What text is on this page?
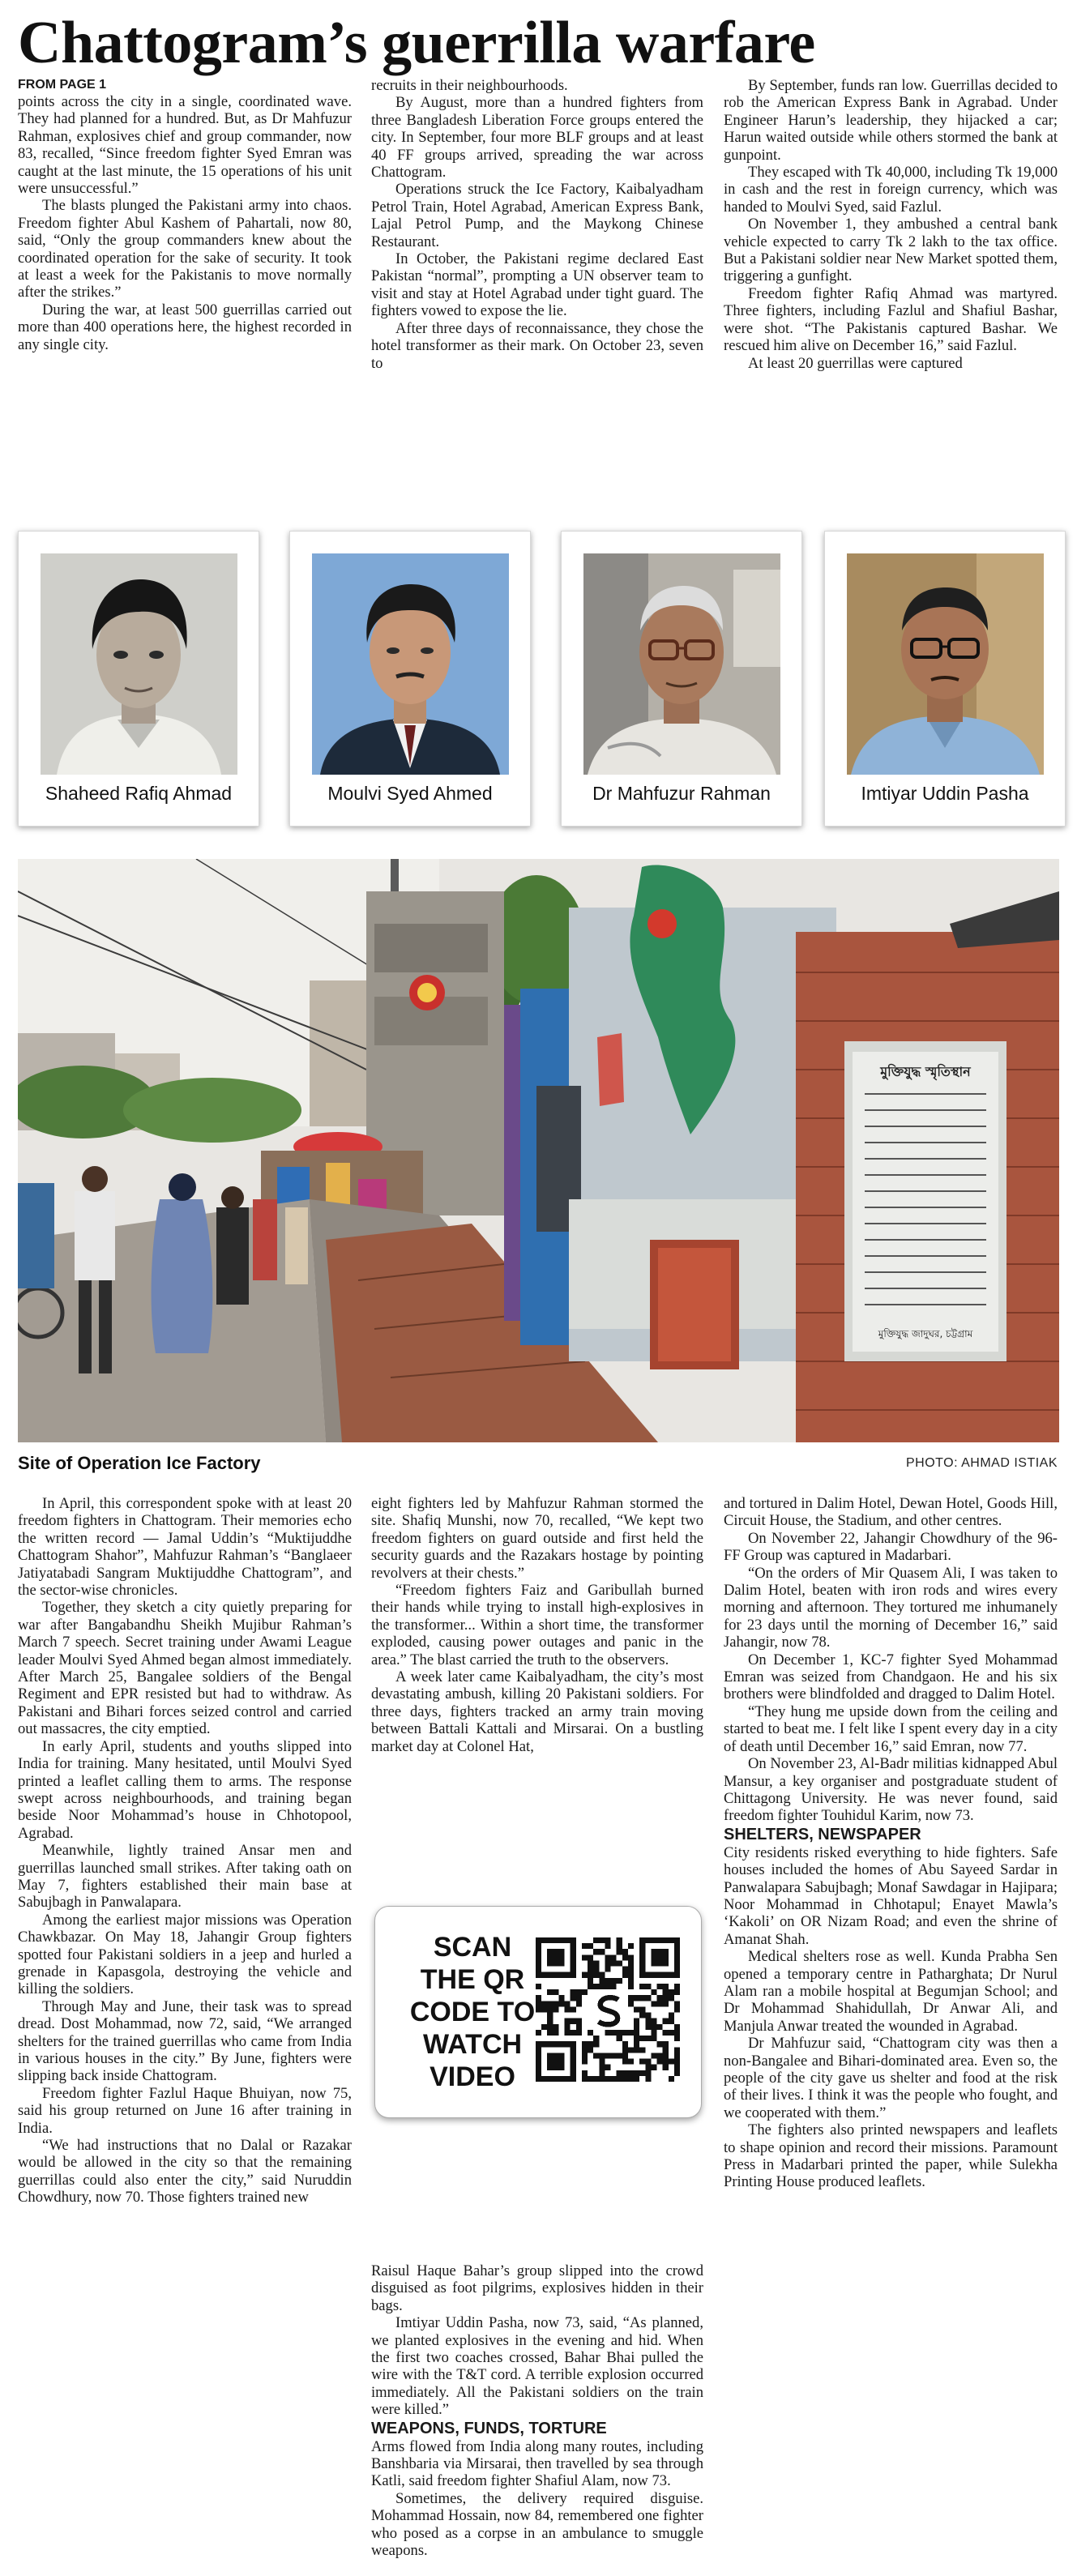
Chattogram’s guerrilla warfare

FROM PAGE 1

points across the city in a single, coordinated wave. They had planned for a hundred. But, as Dr Mahfuzur Rahman, explosives chief and group commander, now 83, recalled, “Since freedom fighter Syed Emran was caught at the last minute, the 15 operations of his unit were unsuccessful.”

The blasts plunged the Pakistani army into chaos. Freedom fighter Abul Kashem of Pahartali, now 80, said, “Only the group commanders knew about the coordinated operation for the sake of security. It took at least a week for the Pakistanis to move normally after the strikes.”

During the war, at least 500 guerrillas carried out more than 400 operations here, the highest recorded in any single city.

recruits in their neighbourhoods.

By August, more than a hundred fighters from three Bangladesh Liberation Force groups entered the city. In September, four more BLF groups and at least 40 FF groups arrived, spreading the war across Chattogram.

Operations struck the Ice Factory, Kaibalyadham Petrol Train, Hotel Agrabad, American Express Bank, Lajal Petrol Pump, and the Maykong Chinese Restaurant.

In October, the Pakistani regime declared East Pakistan “normal”, prompting a UN observer team to visit and stay at Hotel Agrabad under tight guard. The fighters vowed to expose the lie.

After three days of reconnaissance, they chose the hotel transformer as their mark. On October 23, seven to

By September, funds ran low. Guerrillas decided to rob the American Express Bank in Agrabad. Under Engineer Harun’s leadership, they hijacked a car; Harun waited outside while others stormed the bank at gunpoint.

They escaped with Tk 40,000, including Tk 19,000 in cash and the rest in foreign currency, which was handed to Moulvi Syed, said Fazlul.

On November 1, they ambushed a central bank vehicle expected to carry Tk 2 lakh to the tax office. But a Pakistani soldier near New Market spotted them, triggering a gunfight.

Freedom fighter Rafiq Ahmad was martyred. Three fighters, including Fazlul and Shafiul Bashar, were shot. “The Pakistanis captured Bashar. We rescued him alive on December 16,” said Fazlul.

At least 20 guerrillas were captured

Shaheed Rafiq Ahmad	Moulvi Syed Ahmed	Dr Mahfuzur Rahman	Imtiyar Uddin Pasha
মুক্তিযুদ্ধ স্মৃতিস্থান
মুক্তিযুদ্ধ জাদুঘর, চট্টগ্রাম
Site of Operation Ice Factory	PHOTO: AHMAD ISTIAK

In April, this correspondent spoke with at least 20 freedom fighters in Chattogram. Their memories echo the written record — Jamal Uddin’s “Muktijuddhe Chattogram Shahor”, Mahfuzur Rahman’s “Banglaeer Jatiyatabadi Sangram Muktijuddhe Chattogram”, and the sector-wise chronicles.

Together, they sketch a city quietly preparing for war after Bangabandhu Sheikh Mujibur Rahman’s March 7 speech. Secret training under Awami League leader Moulvi Syed Ahmed began almost immediately. After March 25, Bangalee soldiers of the Bengal Regiment and EPR resisted but had to withdraw. As Pakistani and Bihari forces seized control and carried out massacres, the city emptied.

In early April, students and youths slipped into India for training. Many hesitated, until Moulvi Syed printed a leaflet calling them to arms. The response swept across neighbourhoods, and training began beside Noor Mohammad’s house in Chhotopool, Agrabad.

Meanwhile, lightly trained Ansar men and guerrillas launched small strikes. After taking oath on May 7, fighters established their main base at Sabujbagh in Panwalapara.

Among the earliest major missions was Operation Chawkbazar. On May 18, Jahangir Group fighters spotted four Pakistani soldiers in a jeep and hurled a grenade in Kapasgola, destroying the vehicle and killing the soldiers.

Through May and June, their task was to spread dread. Dost Mohammad, now 72, said, “We arranged shelters for the trained guerrillas who came from India in various houses in the city.” By June, fighters were slipping back inside Chattogram.

Freedom fighter Fazlul Haque Bhuiyan, now 75, said his group returned on June 16 after training in India.

“We had instructions that no Dalal or Razakar would be allowed in the city so that the remaining guerrillas could also enter the city,” said Nuruddin Chowdhury, now 70. Those fighters trained new

eight fighters led by Mahfuzur Rahman stormed the site. Shafiq Munshi, now 70, recalled, “We kept two freedom fighters on guard outside and first held the security guards and the Razakars hostage by pointing revolvers at their chests.”

“Freedom fighters Faiz and Garibullah burned their hands while trying to install high-explosives in the transformer... Within a short time, the transformer exploded, causing power outages and panic in the area.” The blast carried the truth to the observers.

A week later came Kaibalyadham, the city’s most devastating ambush, killing 20 Pakistani soldiers. For three days, fighters tracked an army train moving between Battali Kattali and Mirsarai. On a bustling market day at Colonel Hat,

SCAN
THE QR
CODE TO
WATCH
VIDEO

Raisul Haque Bahar’s group slipped into the crowd disguised as foot pilgrims, explosives hidden in their bags.

Imtiyar Uddin Pasha, now 73, said, “As planned, we planted explosives in the evening and hid. When the first two coaches crossed, Bahar Bhai pulled the wire with the T&T cord. A terrible explosion occurred immediately. All the Pakistani soldiers on the train were killed.”

WEAPONS, FUNDS, TORTURE

Arms flowed from India along many routes, including Banshbaria via Mirsarai, then travelled by sea through Katli, said freedom fighter Shafiul Alam, now 73.

Sometimes, the delivery required disguise. Mohammad Hossain, now 84, remembered one fighter who posed as a corpse in an ambulance to smuggle weapons.

and tortured in Dalim Hotel, Dewan Hotel, Goods Hill, Circuit House, the Stadium, and other centres.

On November 22, Jahangir Chowdhury of the 96-FF Group was captured in Madarbari.

“On the orders of Mir Quasem Ali, I was taken to Dalim Hotel, beaten with iron rods and wires every morning and afternoon. They tortured me inhumanely for 23 days until the morning of December 16,” said Jahangir, now 78.

On December 1, KC-7 fighter Syed Mohammad Emran was seized from Chandgaon. He and his six brothers were blindfolded and dragged to Dalim Hotel.

“They hung me upside down from the ceiling and started to beat me. I felt like I spent every day in a city of death until December 16,” said Emran, now 77.

On November 23, Al-Badr militias kidnapped Abul Mansur, a key organiser and postgraduate student of Chittagong University. He was never found, said freedom fighter Touhidul Karim, now 73.

SHELTERS, NEWSPAPER

City residents risked everything to hide fighters. Safe houses included the homes of Abu Sayeed Sardar in Panwalapara Sabujbagh; Monaf Sawdagar in Hajipara; Noor Mohammad in Chhotapul; Enayet Mawla’s ‘Kakoli’ on OR Nizam Road; and even the shrine of Amanat Shah.

Medical shelters rose as well. Kunda Prabha Sen opened a temporary centre in Patharghata; Dr Nurul Alam ran a mobile hospital at Begumjan School; and Dr Mohammad Shahidullah, Dr Anwar Ali, and Manjula Anwar treated the wounded in Agrabad.

Dr Mahfuzur said, “Chattogram city was then a non-Bangalee and Bihari-dominated area. Even so, the people of the city gave us shelter and food at the risk of their lives. I think it was the people who fought, and we cooperated with them.”

The fighters also printed newspapers and leaflets to shape opinion and record their missions. Paramount Press in Madarbari printed the paper, while Sulekha Printing House produced leaflets.
